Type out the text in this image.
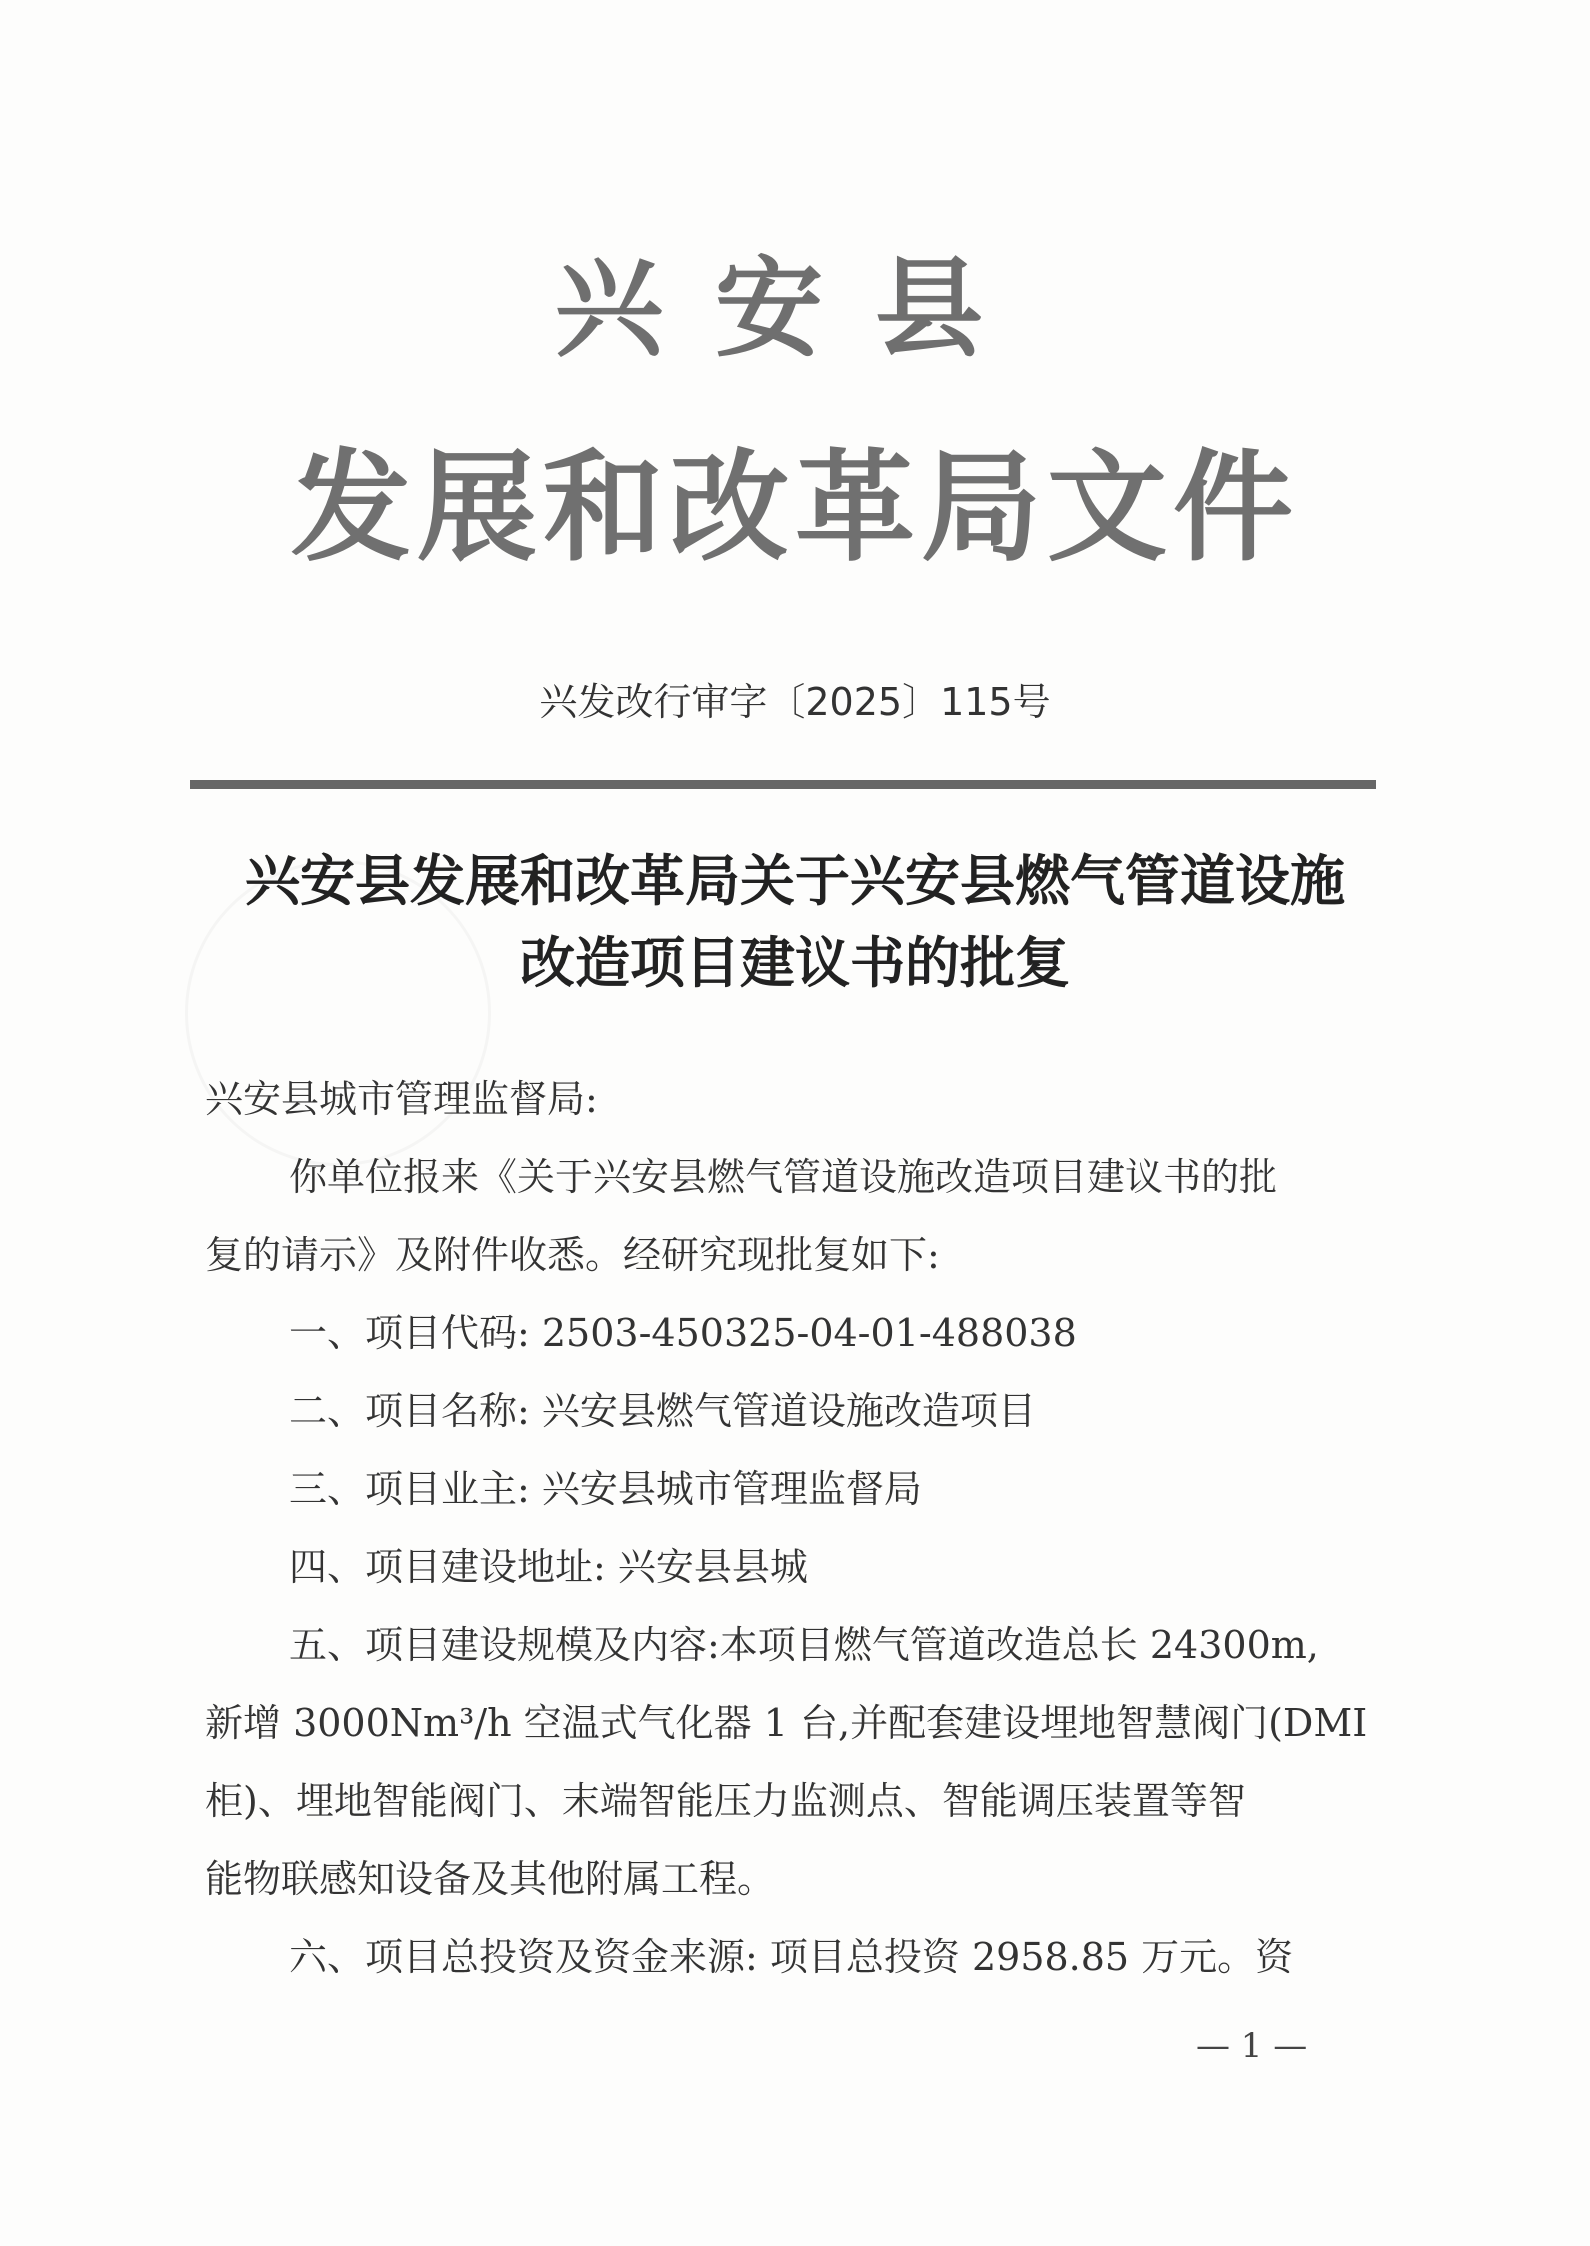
兴安县
发展和改革局文件
兴发改行审字〔2025〕115号
兴安县发展和改革局关于兴安县燃气管道设施
改造项目建议书的批复

兴安县城市管理监督局:

你单位报来《关于兴安县燃气管道设施改造项目建议书的批

复的请示》及附件收悉。经研究现批复如下:

一、项目代码: 2503-450325-04-01-488038

二、项目名称: 兴安县燃气管道设施改造项目

三、项目业主: 兴安县城市管理监督局

四、项目建设地址: 兴安县县城

五、项目建设规模及内容:本项目燃气管道改造总长 24300m,

新增 3000Nm³/h 空温式气化器 1 台,并配套建设埋地智慧阀门(DMI

柜)、埋地智能阀门、末端智能压力监测点、智能调压装置等智

能物联感知设备及其他附属工程。

六、项目总投资及资金来源: 项目总投资 2958.85 万元。资

— 1 —
